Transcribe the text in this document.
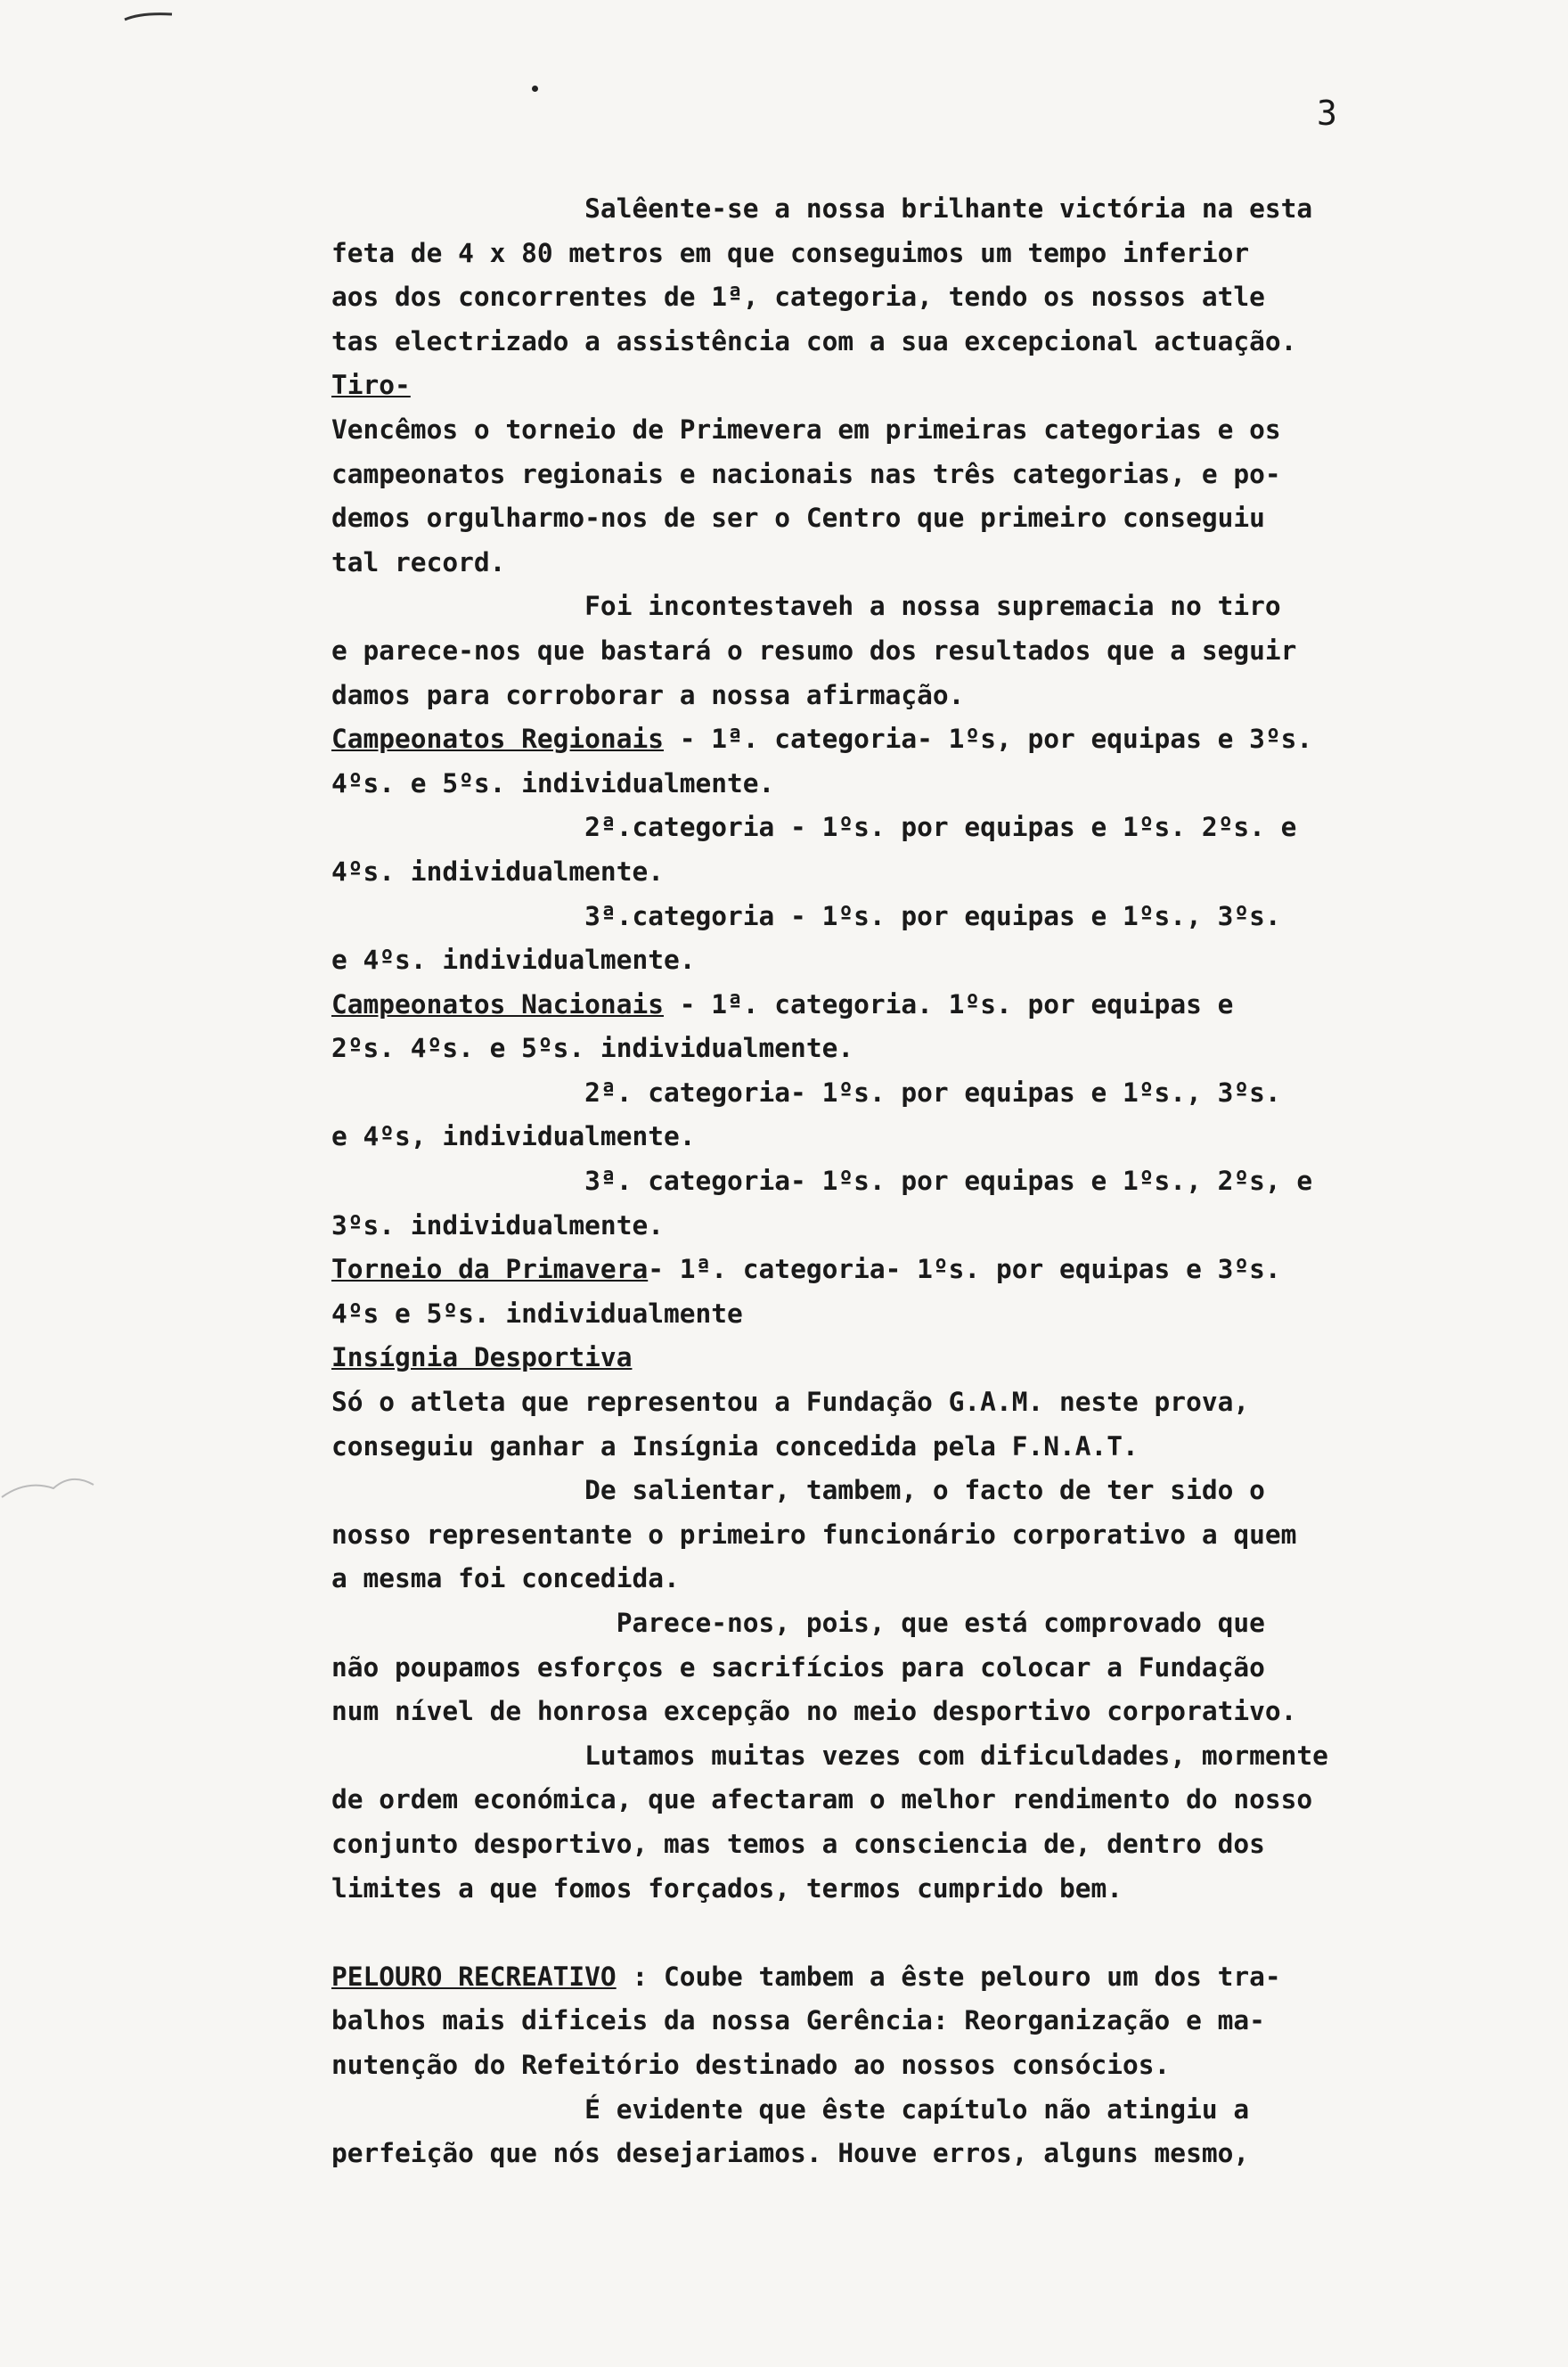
3
Salêente-se a nossa brilhante victória na esta
feta de 4 x 80 metros em que conseguimos um tempo inferior
aos dos concorrentes de 1ª, categoria, tendo os nossos atle
tas electrizado a assistência com a sua excepcional actuação.
Tiro-
Vencêmos o torneio de Primevera em primeiras categorias e os
campeonatos regionais e nacionais nas três categorias, e po-
demos orgulharmo-nos de ser o Centro que primeiro conseguiu
tal record.
Foi incontestaveh a nossa supremacia no tiro
e parece-nos que bastará o resumo dos resultados que a seguir
damos para corroborar a nossa afirmação.
Campeonatos Regionais - 1ª. categoria- 1ºs, por equipas e 3ºs.
4ºs. e 5ºs. individualmente.
2ª.categoria - 1ºs. por equipas e 1ºs. 2ºs. e
4ºs. individualmente.
3ª.categoria - 1ºs. por equipas e 1ºs., 3ºs.
e 4ºs. individualmente.
Campeonatos Nacionais - 1ª. categoria. 1ºs. por equipas e
2ºs. 4ºs. e 5ºs. individualmente.
2ª. categoria- 1ºs. por equipas e 1ºs., 3ºs.
e 4ºs, individualmente.
3ª. categoria- 1ºs. por equipas e 1ºs., 2ºs, e
3ºs. individualmente.
Torneio da Primavera- 1ª. categoria- 1ºs. por equipas e 3ºs.
4ºs e 5ºs. individualmente
Insígnia Desportiva
Só o atleta que representou a Fundação G.A.M. neste prova,
conseguiu ganhar a Insígnia concedida pela F.N.A.T.
De salientar, tambem, o facto de ter sido o
nosso representante o primeiro funcionário corporativo a quem
a mesma foi concedida.
Parece-nos, pois, que está comprovado que
não poupamos esforços e sacrifícios para colocar a Fundação
num nível de honrosa excepção no meio desportivo corporativo.
Lutamos muitas vezes com dificuldades, mormente
de ordem económica, que afectaram o melhor rendimento do nosso
conjunto desportivo, mas temos a consciencia de, dentro dos
limites a que fomos forçados, termos cumprido bem.
PELOURO RECREATIVO : Coube tambem a êste pelouro um dos tra-
balhos mais dificeis da nossa Gerência: Reorganização e ma-
nutenção do Refeitório destinado ao nossos consócios.
É evidente que êste capítulo não atingiu a
perfeição que nós desejariamos. Houve erros, alguns mesmo,
